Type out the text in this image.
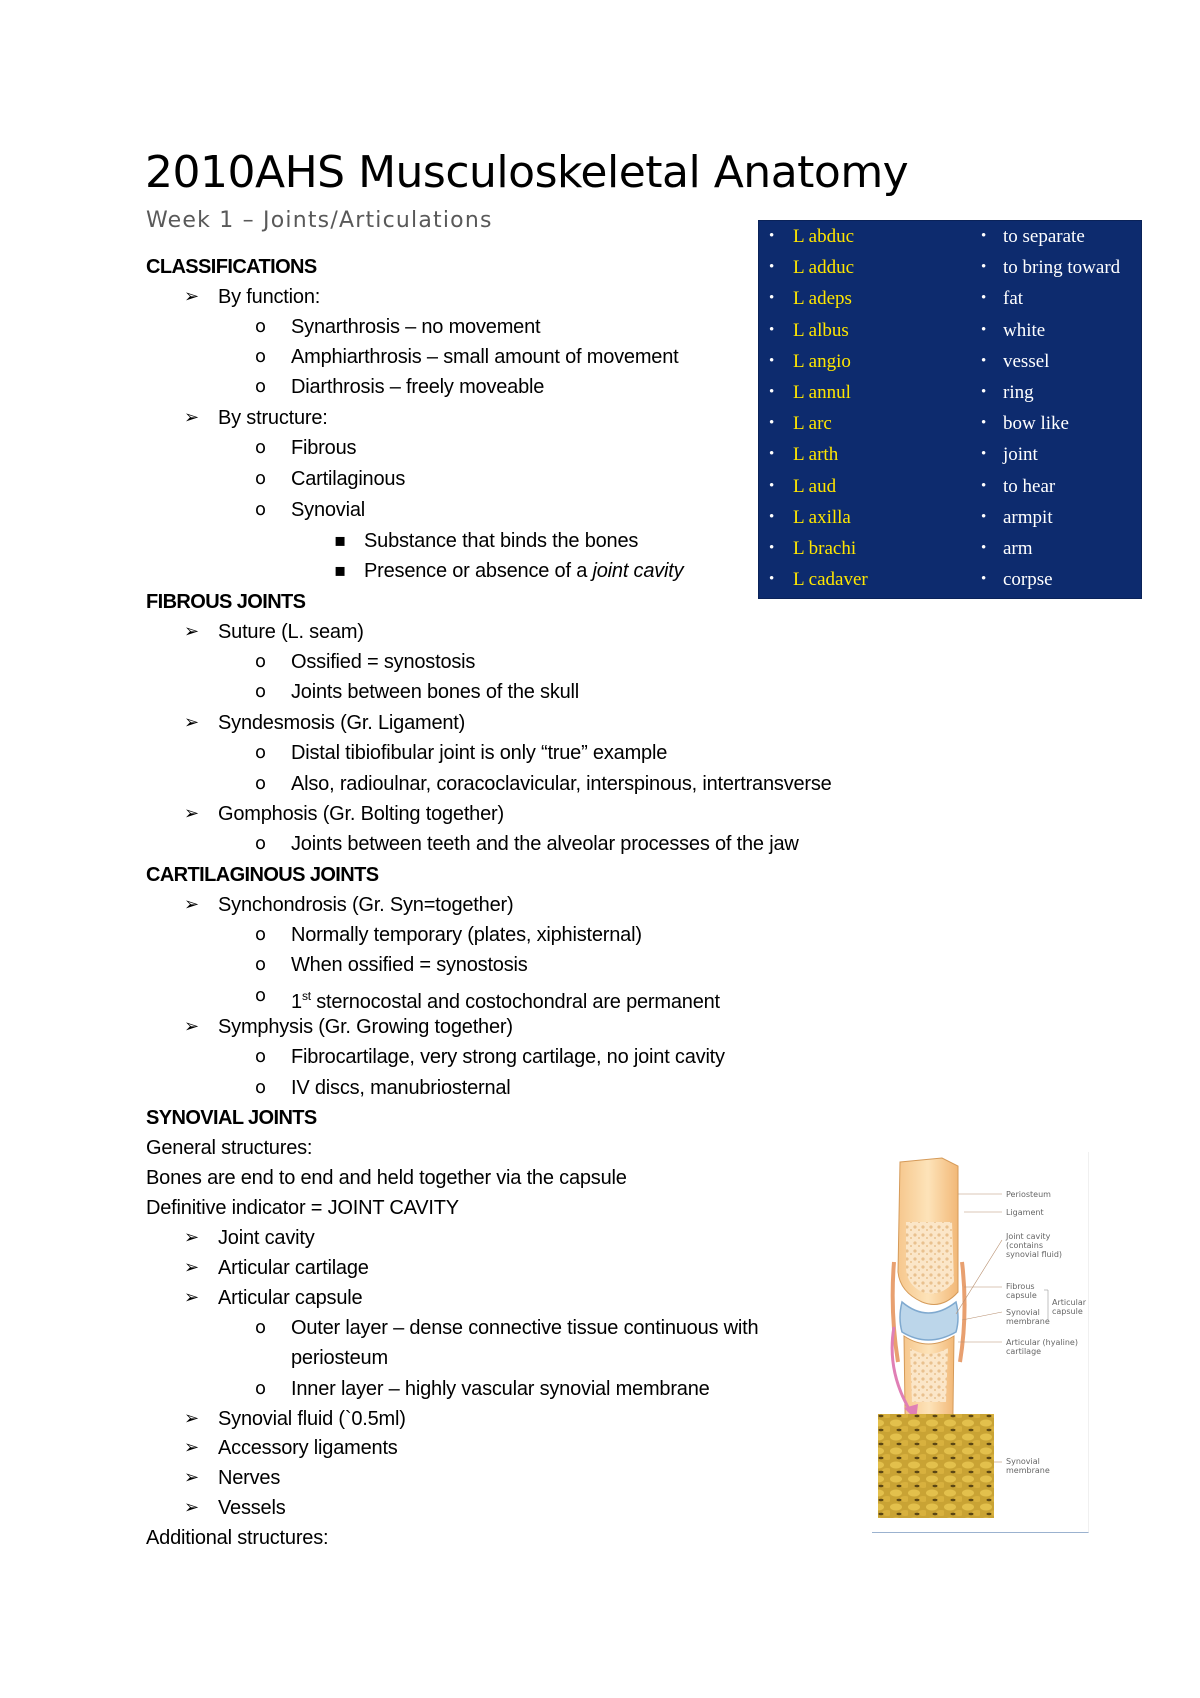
2010AHS Musculoskeletal Anatomy
Week 1 – Joints/Articulations
CLASSIFICATIONS
➢ By function:
o Synarthrosis – no movement
o Amphiarthrosis – small amount of movement
o Diarthrosis – freely moveable
➢ By structure:
o Fibrous
o Cartilaginous
o Synovial
▪ Substance that binds the bones
▪ Presence or absence of a joint cavity
FIBROUS JOINTS
➢ Suture (L. seam)
o Ossified = synostosis
o Joints between bones of the skull
➢ Syndesmosis (Gr. Ligament)
o Distal tibiofibular joint is only “true” example
o Also, radioulnar, coracoclavicular, interspinous, intertransverse
➢ Gomphosis (Gr. Bolting together)
o Joints between teeth and the alveolar processes of the jaw
CARTILAGINOUS JOINTS
➢ Synchondrosis (Gr. Syn=together)
o Normally temporary (plates, xiphisternal)
o When ossified = synostosis
o 1st sternocostal and costochondral are permanent
➢ Symphysis (Gr. Growing together)
o Fibrocartilage, very strong cartilage, no joint cavity
o IV discs, manubriosternal
SYNOVIAL JOINTS
General structures:
Bones are end to end and held together via the capsule
Definitive indicator = JOINT CAVITY
➢ Joint cavity
➢ Articular cartilage
➢ Articular capsule
o Outer layer – dense connective tissue continuous with
periosteum
o Inner layer – highly vascular synovial membrane
➢ Synovial fluid (`0.5ml)
➢ Accessory ligaments
➢ Nerves
➢ Vessels
Additional structures:
• L abduc	• to separate
• L adduc	• to bring toward
• L adeps	• fat
• L albus	• white
• L angio	• vessel
• L annul	• ring
• L arc	• bow like
• L arth	• joint
• L aud	• to hear
• L axilla	• armpit
• L brachi	• arm
• L cadaver	• corpse
Periosteum
Ligament
Joint cavity
(contains
synovial fluid)
Fibrous
capsule
Articular
capsule
Synovial
membrane
Articular (hyaline)
cartilage
Synovial
membrane
